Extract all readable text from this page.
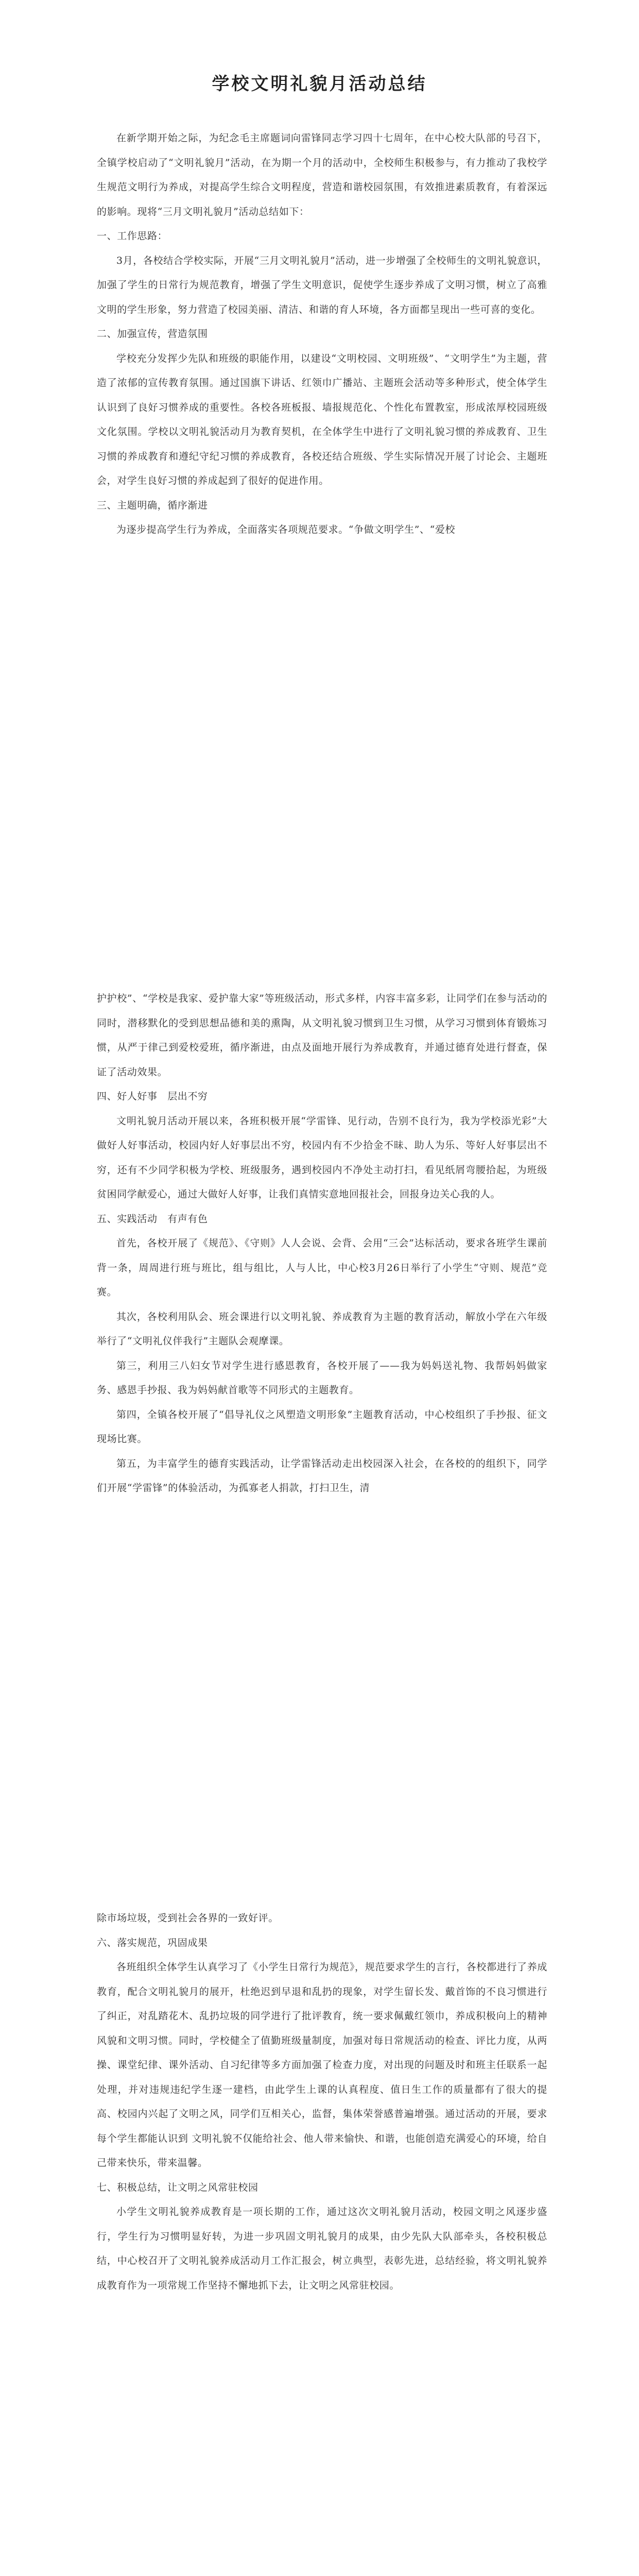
学校文明礼貌月活动总结

在新学期开始之际，为纪念毛主席题词向雷锋同志学习四十七周年，在中心校大队部的号召下，全镇学校启动了“文明礼貌月”活动，在为期一个月的活动中，全校师生积极参与，有力推动了我校学生规范文明行为养成，对提高学生综合文明程度，营造和谐校园氛围，有效推进素质教育，有着深远的影响。现将“三月文明礼貌月”活动总结如下：

一、工作思路：

3月，各校结合学校实际，开展“三月文明礼貌月”活动，进一步增强了全校师生的文明礼貌意识，加强了学生的日常行为规范教育，增强了学生文明意识，促使学生逐步养成了文明习惯，树立了高雅文明的学生形象，努力营造了校园美丽、清洁、和谐的育人环境，各方面都呈现出一些可喜的变化。

二、加强宣传，营造氛围

学校充分发挥少先队和班级的职能作用，以建设“文明校园、文明班级”、“文明学生”为主题，营造了浓郁的宣传教育氛围。通过国旗下讲话、红领巾广播站、主题班会活动等多种形式，使全体学生认识到了良好习惯养成的重要性。各校各班板报、墙报规范化、个性化布置教室，形成浓厚校园班级文化氛围。学校以文明礼貌活动月为教育契机，在全体学生中进行了文明礼貌习惯的养成教育、卫生习惯的养成教育和遵纪守纪习惯的养成教育，各校还结合班级、学生实际情况开展了讨论会、主题班会，对学生良好习惯的养成起到了很好的促进作用。

三、主题明确，循序渐进

为逐步提高学生行为养成，全面落实各项规范要求。“争做文明学生”、“爱校

护护校”、“学校是我家、爱护靠大家”等班级活动，形式多样，内容丰富多彩，让同学们在参与活动的同时，潜移默化的受到思想品德和美的熏陶，从文明礼貌习惯到卫生习惯，从学习习惯到体育锻炼习惯，从严于律己到爱校爱班，循序渐进，由点及面地开展行为养成教育，并通过德育处进行督查，保证了活动效果。

四、好人好事　层出不穷

文明礼貌月活动开展以来，各班积极开展“学雷锋、见行动，告别不良行为，我为学校添光彩”大做好人好事活动，校园内好人好事层出不穷，校园内有不少拾金不昧、助人为乐、等好人好事层出不穷，还有不少同学积极为学校、班级服务，遇到校园内不净处主动打扫，看见纸屑弯腰拾起，为班级贫困同学献爱心，通过大做好人好事，让我们真情实意地回报社会，回报身边关心我的人。

五、实践活动　有声有色

首先，各校开展了《规范》、《守则》人人会说、会背、会用“三会”达标活动，要求各班学生课前背一条，周周进行班与班比，组与组比，人与人比，中心校3月26日举行了小学生“守则、规范”竞赛。

其次，各校利用队会、班会课进行以文明礼貌、养成教育为主题的教育活动，解放小学在六年级举行了“文明礼仪伴我行”主题队会观摩课。

第三，利用三八妇女节对学生进行感恩教育，各校开展了——我为妈妈送礼物、我帮妈妈做家务、感恩手抄报、我为妈妈献首歌等不同形式的主题教育。

第四，全镇各校开展了“倡导礼仪之风塑造文明形象”主题教育活动，中心校组织了手抄报、征文现场比赛。

第五，为丰富学生的德育实践活动，让学雷锋活动走出校园深入社会，在各校的的组织下，同学们开展“学雷锋”的体验活动，为孤寡老人捐款，打扫卫生，清

除市场垃圾，受到社会各界的一致好评。

六、落实规范，巩固成果

各班组织全体学生认真学习了《小学生日常行为规范》，规范要求学生的言行，各校都进行了养成教育，配合文明礼貌月的展开，杜绝迟到早退和乱扔的现象，对学生留长发、戴首饰的不良习惯进行了纠正，对乱踏花木、乱扔垃圾的同学进行了批评教育，统一要求佩戴红领巾，养成积极向上的精神风貌和文明习惯。同时，学校健全了值勤班级量制度，加强对每日常规活动的检查、评比力度，从两操、课堂纪律、课外活动、自习纪律等多方面加强了检查力度，对出现的问题及时和班主任联系一起处理，并对违规违纪学生逐一建档，由此学生上课的认真程度、值日生工作的质量都有了很大的提高、校园内兴起了文明之风，同学们互相关心，监督，集体荣誉感普遍增强。通过活动的开展，要求每个学生都能认识到 文明礼貌不仅能给社会、他人带来愉快、和谐，也能创造充满爱心的环境，给自己带来快乐，带来温馨。

七、积极总结，让文明之风常驻校园

小学生文明礼貌养成教育是一项长期的工作，通过这次文明礼貌月活动，校园文明之风逐步盛行，学生行为习惯明显好转，为进一步巩固文明礼貌月的成果，由少先队大队部牵头，各校积极总结，中心校召开了文明礼貌养成活动月工作汇报会，树立典型，表彰先进，总结经验，将文明礼貌养成教育作为一项常规工作坚持不懈地抓下去，让文明之风常驻校园。
